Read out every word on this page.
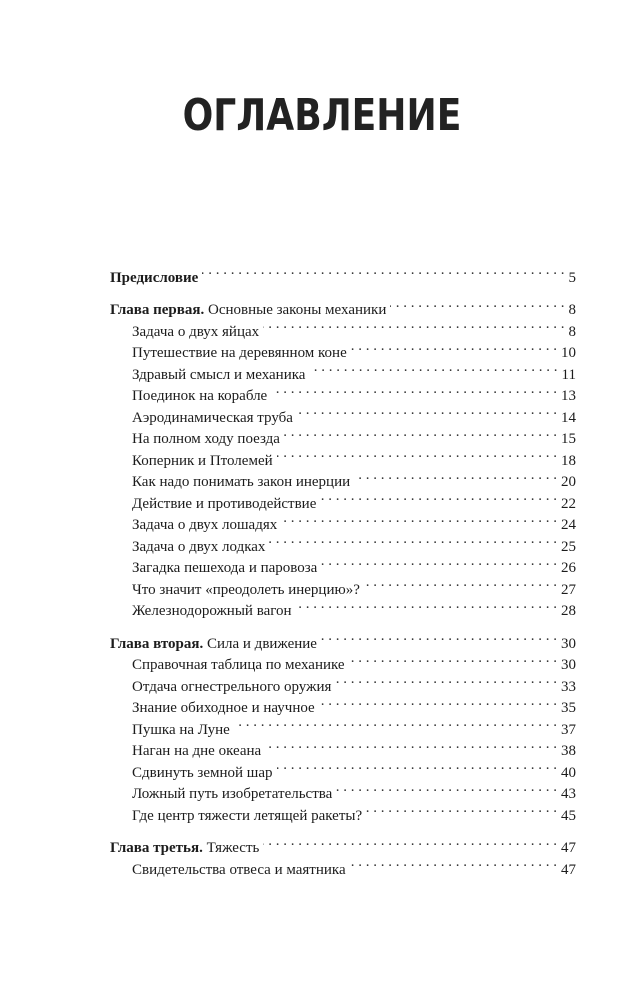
ОГЛАВЛЕНИЕ
Предисловие . . .	5
Глава первая. Основные законы механики . . .	8
Задача о двух яйцах . . .	8
Путешествие на деревянном коне . . .	10
Здравый смысл и механика . . .	11
Поединок на корабле . . .	13
Аэродинамическая труба . . .	14
На полном ходу поезда . . .	15
Коперник и Птолемей . . .	18
Как надо понимать закон инерции . . .	20
Действие и противодействие . . .	22
Задача о двух лошадях . . .	24
Задача о двух лодках . . .	25
Загадка пешехода и паровоза . . .	26
Что значит «преодолеть инерцию»? . . .	27
Железнодорожный вагон . . .	28
Глава вторая. Сила и движение . . .	30
Справочная таблица по механике . . .	30
Отдача огнестрельного оружия . . .	33
Знание обиходное и научное . . .	35
Пушка на Луне . . .	37
Наган на дне океана . . .	38
Сдвинуть земной шар . . .	40
Ложный путь изобретательства . . .	43
Где центр тяжести летящей ракеты? . . .	45
Глава третья. Тяжесть . . .	47
Свидетельства отвеса и маятника . . .	47
